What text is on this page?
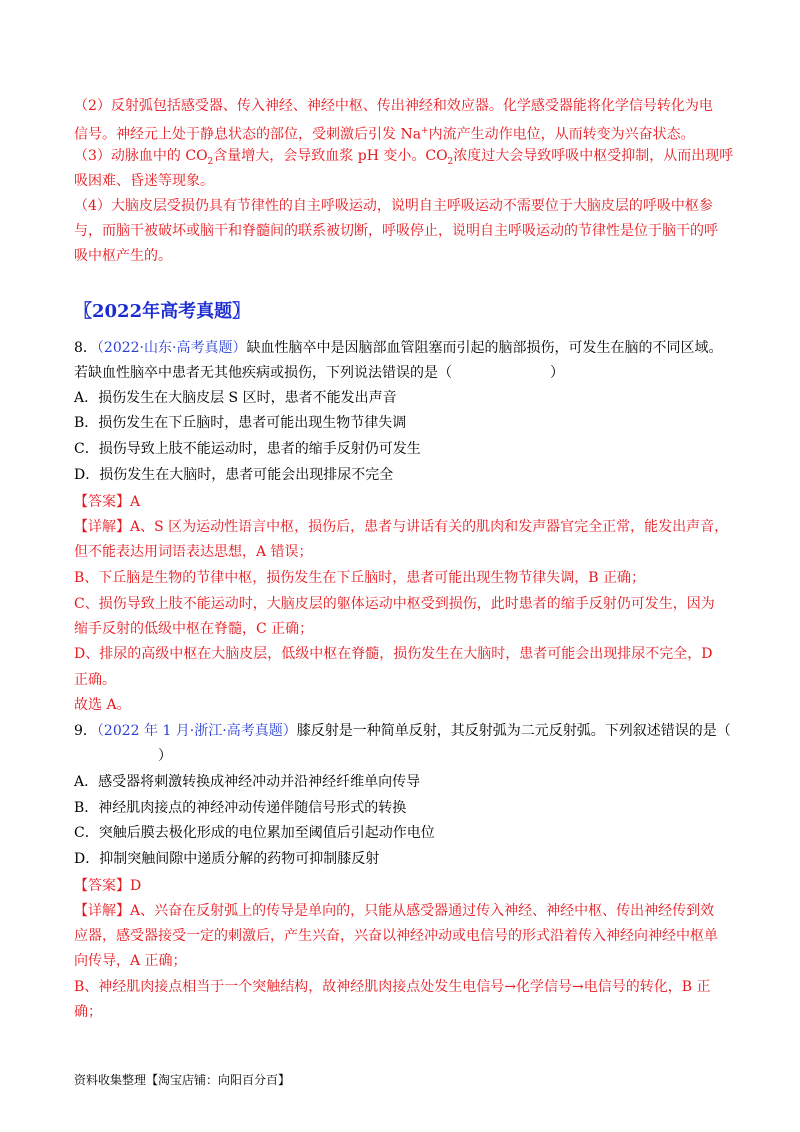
（2）反射弧包括感受器、传入神经、神经中枢、传出神经和效应器。化学感受器能将化学信号转化为电
信号。神经元上处于静息状态的部位，受刺激后引发 Na+内流产生动作电位，从而转变为兴奋状态。
（3）动脉血中的 $CO_2$含量增大，会导致血浆 pH 变小。$CO_2$浓度过大会导致呼吸中枢受抑制，从而出现呼
吸困难、昏迷等现象。
（4）大脑皮层受损仍具有节律性的自主呼吸运动，说明自主呼吸运动不需要位于大脑皮层的呼吸中枢参
与，而脑干被破坏或脑干和脊髓间的联系被切断，呼吸停止，说明自主呼吸运动的节律性是位于脑干的呼
吸中枢产生的。
〖2022年高考真题〗
8．（2022·山东·高考真题）缺血性脑卒中是因脑部血管阻塞而引起的脑部损伤，可发生在脑的不同区域。
若缺血性脑卒中患者无其他疾病或损伤，下列说法错误的是（　　　　　　　）
A．损伤发生在大脑皮层 S 区时，患者不能发出声音
B．损伤发生在下丘脑时，患者可能出现生物节律失调
C．损伤导致上肢不能运动时，患者的缩手反射仍可发生
D．损伤发生在大脑时，患者可能会出现排尿不完全
【答案】A
【详解】A、S 区为运动性语言中枢，损伤后，患者与讲话有关的肌肉和发声器官完全正常，能发出声音，
但不能表达用词语表达思想，A 错误；
B、下丘脑是生物的节律中枢，损伤发生在下丘脑时，患者可能出现生物节律失调，B 正确；
C、损伤导致上肢不能运动时，大脑皮层的躯体运动中枢受到损伤，此时患者的缩手反射仍可发生，因为
缩手反射的低级中枢在脊髓，C 正确；
D、排尿的高级中枢在大脑皮层，低级中枢在脊髓，损伤发生在大脑时，患者可能会出现排尿不完全，D
正确。
故选 A。
9．（2022 年 1 月·浙江·高考真题）膝反射是一种简单反射，其反射弧为二元反射弧。下列叙述错误的是（
）
A．感受器将刺激转换成神经冲动并沿神经纤维单向传导
B．神经肌肉接点的神经冲动传递伴随信号形式的转换
C．突触后膜去极化形成的电位累加至阈值后引起动作电位
D．抑制突触间隙中递质分解的药物可抑制膝反射
【答案】D
【详解】A、兴奋在反射弧上的传导是单向的，只能从感受器通过传入神经、神经中枢、传出神经传到效
应器，感受器接受一定的刺激后，产生兴奋，兴奋以神经冲动或电信号的形式沿着传入神经向神经中枢单
向传导，A 正确；
B、神经肌肉接点相当于一个突触结构，故神经肌肉接点处发生电信号→化学信号→电信号的转化，B 正
确；
资料收集整理【淘宝店铺：向阳百分百】
